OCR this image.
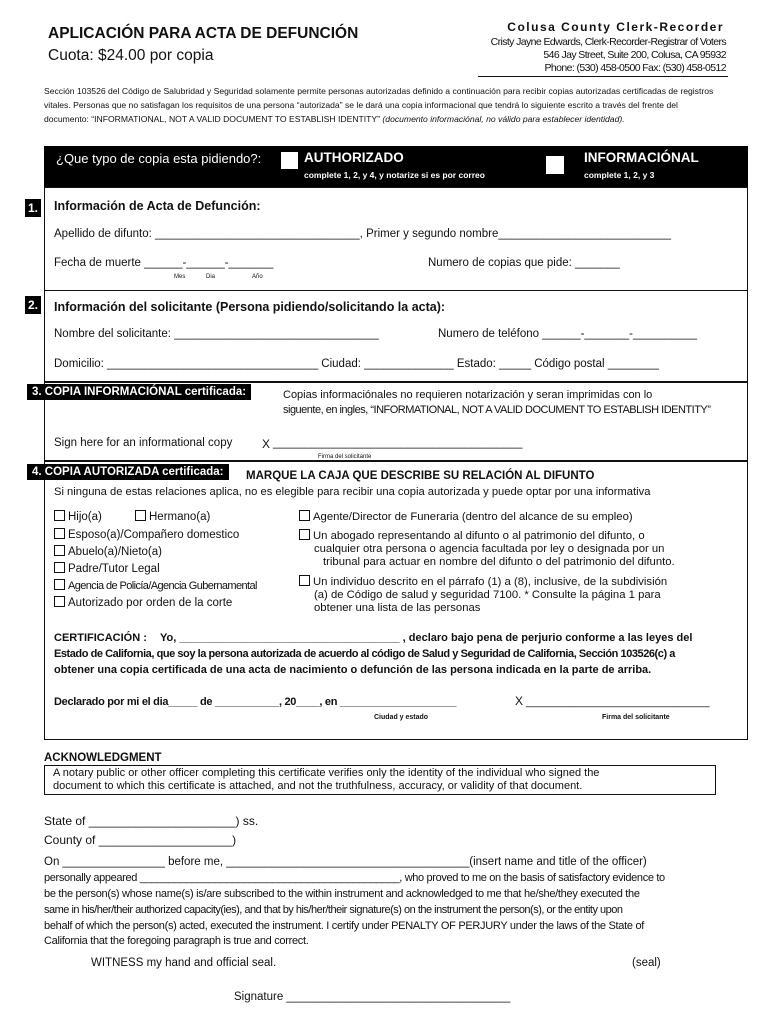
APLICACIÓN PARA ACTA DE DEFUNCIÓN
Cuota: $24.00 por copia
Colusa County Clerk-Recorder
Cristy Jayne Edwards, Clerk-Recorder-Registrar of Voters
546 Jay Street, Suite 200, Colusa, CA 95932
Phone: (530) 458-0500 Fax: (530) 458-0512
Sección 103526 del Código de Salubridad y Seguridad solamente permite personas autorizadas definido a continuación para recibir copias autorizadas certificadas de registros vitales. Personas que no satisfagan los requisitos de una persona “autorizada” se le dará una copia informacional que tendrá lo siguiente escrito a través del frente del documento: “INFORMATIONAL, NOT A VALID DOCUMENT TO ESTABLISH IDENTITY” (documento informaciónal, no válido para establecer identidad).
¿Que typo de copia esta pidiendo?:	AUTHORIZADO
complete 1, 2, y 4, y notarize si es por correo
INFORMACIÓNAL
complete 1, 2, y 3
1. Información de Acta de Defunción:
Apellido de difunto: ________________________________, Primer y segundo nombre___________________________
Fecha de muerte ______-______-_______
Mes	Dia	Año
Numero de copias que pide: _______
2. Información del solicitante (Persona pidiendo/solicitando la acta):
Nombre del solicitante: ________________________________	Numero de teléfono ______-_______-__________
Domicilio: _________________________________ Ciudad: ______________ Estado: _____ Código postal ________
3. COPIA INFORMACIÓNAL certificada:	Copias informaciónales no requieren notarización y seran imprimidas con lo
siguente, en ingles, “INFORMATIONAL, NOT A VALID DOCUMENT TO ESTABLISH IDENTITY”
Sign here for an informational copy X _______________________________________
Firma del solicitante
4. COPIA AUTORIZADA certificada:	MARQUE LA CAJA QUE DESCRIBE SU RELACIÓN AL DIFUNTO
Si ninguna de estas relaciones aplica, no es elegible para recibir una copia autorizada y puede optar por una informativa
Hijo(a)	Hermano(a)
Esposo(a)/Compañero domestico
Abuelo(a)/Nieto(a)
Padre/Tutor Legal
Agencia de Policía/Agencia Gubernamental
Autorizado por orden de la corte
Agente/Director de Funeraria (dentro del alcance de su empleo)
Un abogado representando al difunto o al patrimonio del difunto, o
cualquier otra persona o agencia facultada por ley o designada por un
tribunal para actuar en nombre del difunto o del patrimonio del difunto.
Un individuo descrito en el párrafo (1) a (8), inclusive, de la subdivisión
(a) de Código de salud y seguridad 7100. * Consulte la página 1 para
obtener una lista de las personas
CERTIFICACIÓN : Yo, ____________________________________ , declaro bajo pena de perjurio conforme a las leyes del
Estado de California, que soy la persona autorizada de acuerdo al código de Salud y Seguridad de California, Sección 103526(c) a
obtener una copia certificada de una acta de nacimiento o defunción de las persona indicada en la parte de arriba.
Declarado por mi el dia_____ de ___________, 20____, en ____________________	X ______________________________
Ciudad y estado	Firma del solicitante
ACKNOWLEDGMENT
A notary public or other officer completing this certificate verifies only the identity of the individual who signed the
document to which this certificate is attached, and not the truthfulness, accuracy, or validity of that document.
State of ______________________) ss.
County of ____________________)
On ________________ before me, ______________________________________(insert name and title of the officer)
personally appeared _____________________________________________, who proved to me on the basis of satisfactory evidence to
be the person(s) whose name(s) is/are subscribed to the within instrument and acknowledged to me that he/she/they executed the
same in his/her/their authorized capacity(ies), and that by his/her/their signature(s) on the instrument the person(s), or the entity upon
behalf of which the person(s) acted, executed the instrument. I certify under PENALTY OF PERJURY under the laws of the State of
California that the foregoing paragraph is true and correct.
WITNESS my hand and official seal.	(seal)
Signature ___________________________________
